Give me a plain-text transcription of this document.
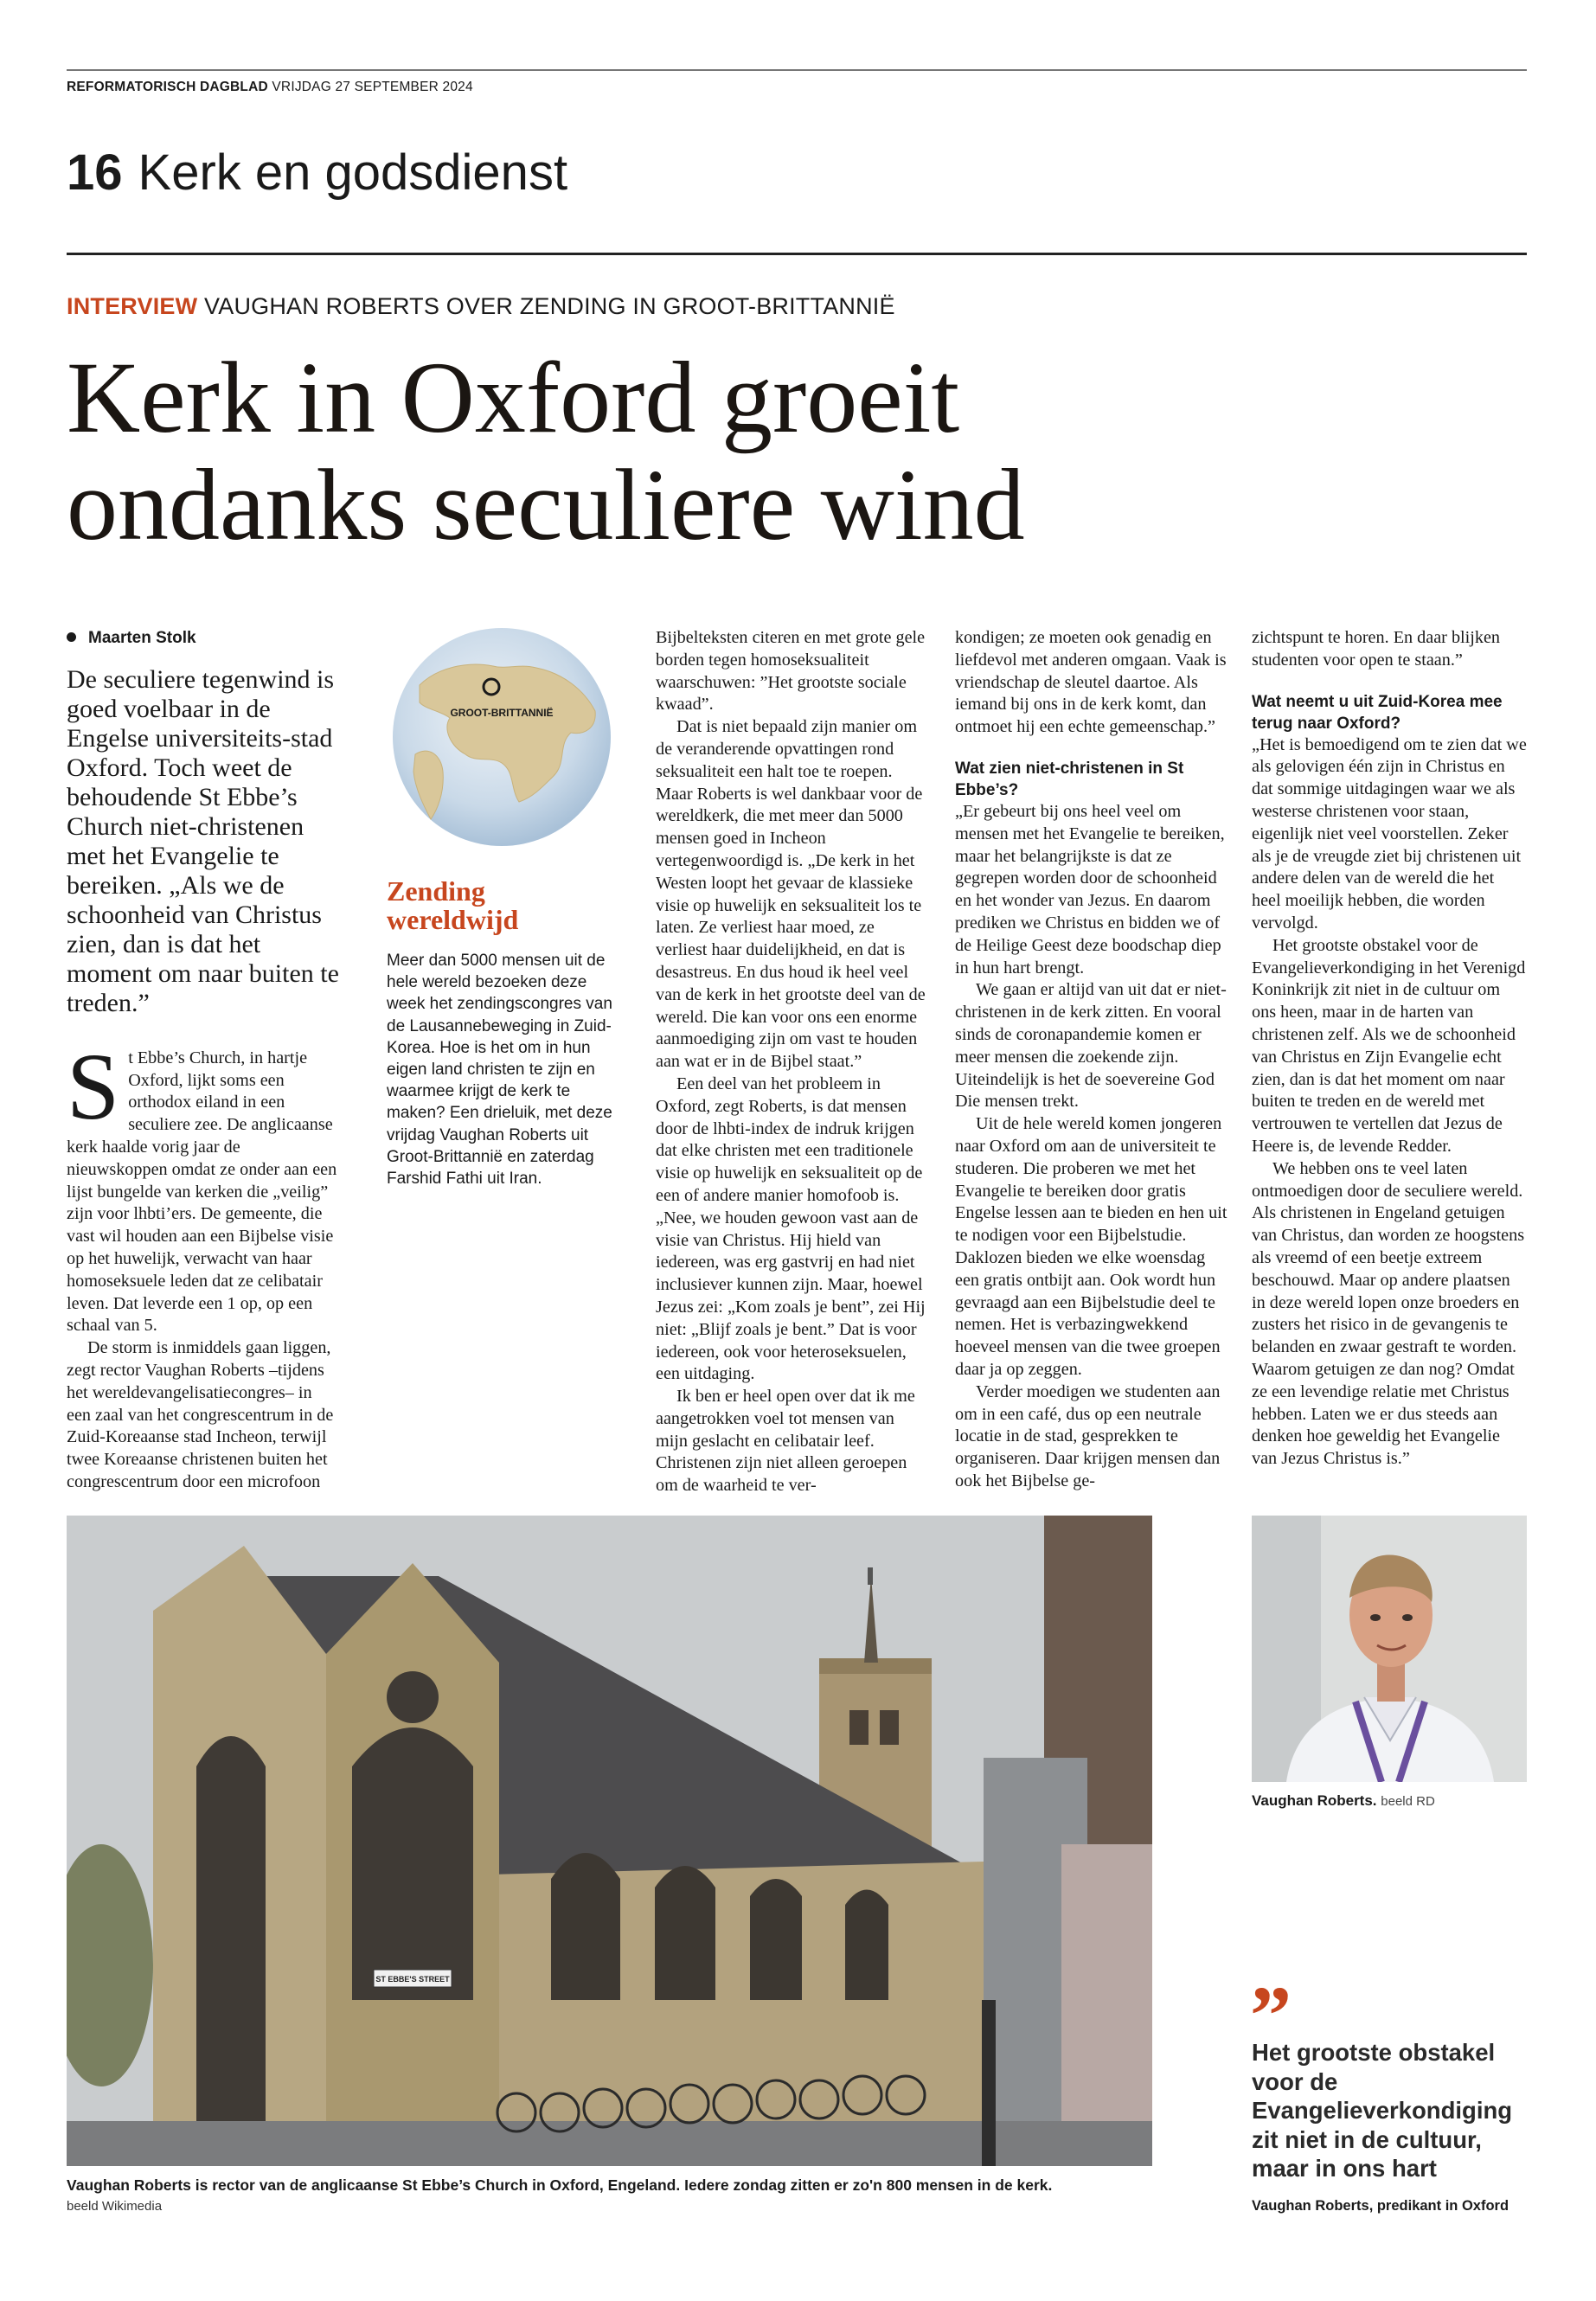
REFORMATORISCH DAGBLAD VRIJDAG 27 SEPTEMBER 2024
16 Kerk en godsdienst
INTERVIEW VAUGHAN ROBERTS OVER ZENDING IN GROOT-BRITTANNIË
Kerk in Oxford groeit
ondanks seculiere wind
Maarten Stolk

De seculiere tegenwind is goed voelbaar in de Engelse universiteits-stad Oxford. Toch weet de behoudende St Ebbe’s Church niet-christenen met het Evangelie te bereiken. „Als we de schoonheid van Christus zien, dan is dat het moment om naar buiten te treden.”

St Ebbe’s Church, in hartje Oxford, lijkt soms een orthodox eiland in een seculiere zee. De anglicaanse kerk haalde vorig jaar de nieuwskoppen omdat ze onder aan een lijst bungelde van kerken die „veilig” zijn voor lhbti’ers. De gemeente, die vast wil houden aan een Bijbelse visie op het huwelijk, verwacht van haar homoseksuele leden dat ze celibatair leven. Dat leverde een 1 op, op een schaal van 5.

De storm is inmiddels gaan liggen, zegt rector Vaughan Roberts –tijdens het wereldevangelisatiecongres– in een zaal van het congrescentrum in de Zuid-Koreaanse stad Incheon, terwijl twee Koreaanse christenen buiten het congrescentrum door een microfoon

GROOT-BRITTANNIË
Zending
wereldwijd
Meer dan 5000 mensen uit de hele wereld bezoeken deze week het zendingscongres van de Lausannebeweging in Zuid-Korea. Hoe is het om in hun eigen land christen te zijn en waarmee krijgt de kerk te maken? Een drieluik, met deze vrijdag Vaughan Roberts uit Groot-Brittannië en zaterdag Farshid Fathi uit Iran.

Bijbelteksten citeren en met grote gele borden tegen homoseksualiteit waarschuwen: ”Het grootste sociale kwaad”.

Dat is niet bepaald zijn manier om de veranderende opvattingen rond seksualiteit een halt toe te roepen. Maar Roberts is wel dankbaar voor de wereldkerk, die met meer dan 5000 mensen goed in Incheon vertegenwoordigd is. „De kerk in het Westen loopt het gevaar de klassieke visie op huwelijk en seksualiteit los te laten. Ze verliest haar moed, ze verliest haar duidelijkheid, en dat is desastreus. En dus houd ik heel veel van de kerk in het grootste deel van de wereld. Die kan voor ons een enorme aanmoediging zijn om vast te houden aan wat er in de Bijbel staat.”

Een deel van het probleem in Oxford, zegt Roberts, is dat mensen door de lhbti-index de indruk krijgen dat elke christen met een traditionele visie op huwelijk en seksualiteit op de een of andere manier homofoob is. „Nee, we houden gewoon vast aan de visie van Christus. Hij hield van iedereen, was erg gastvrij en had niet inclusiever kunnen zijn. Maar, hoewel Jezus zei: „Kom zoals je bent”, zei Hij niet: „Blijf zoals je bent.” Dat is voor iedereen, ook voor heteroseksuelen, een uitdaging.

Ik ben er heel open over dat ik me aangetrokken voel tot mensen van mijn geslacht en celibatair leef. Christenen zijn niet alleen geroepen om de waarheid te ver-

kondigen; ze moeten ook genadig en liefdevol met anderen omgaan. Vaak is vriendschap de sleutel daartoe. Als iemand bij ons in de kerk komt, dan ontmoet hij een echte gemeenschap.”

Wat zien niet-christenen in St Ebbe’s?

„Er gebeurt bij ons heel veel om mensen met het Evangelie te bereiken, maar het belangrijkste is dat ze gegrepen worden door de schoonheid en het wonder van Jezus. En daarom prediken we Christus en bidden we of de Heilige Geest deze boodschap diep in hun hart brengt.

We gaan er altijd van uit dat er niet-christenen in de kerk zitten. En vooral sinds de coronapandemie komen er meer mensen die zoekende zijn. Uiteindelijk is het de soevereine God Die mensen trekt.

Uit de hele wereld komen jongeren naar Oxford om aan de universiteit te studeren. Die proberen we met het Evangelie te bereiken door gratis Engelse lessen aan te bieden en hen uit te nodigen voor een Bijbelstudie. Daklozen bieden we elke woensdag een gratis ontbijt aan. Ook wordt hun gevraagd aan een Bijbelstudie deel te nemen. Het is verbazingwekkend hoeveel mensen van die twee groepen daar ja op zeggen.

Verder moedigen we studenten aan om in een café, dus op een neutrale locatie in de stad, gesprekken te organiseren. Daar krijgen mensen dan ook het Bijbelse ge-

zichtspunt te horen. En daar blijken studenten voor open te staan.”

Wat neemt u uit Zuid-Korea mee terug naar Oxford?

„Het is bemoedigend om te zien dat we als gelovigen één zijn in Christus en dat sommige uitdagingen waar we als westerse christenen voor staan, eigenlijk niet veel voorstellen. Zeker als je de vreugde ziet bij christenen uit andere delen van de wereld die het heel moeilijk hebben, die worden vervolgd.

Het grootste obstakel voor de Evangelieverkondiging in het Verenigd Koninkrijk zit niet in de cultuur om ons heen, maar in de harten van christenen zelf. Als we de schoonheid van Christus en Zijn Evangelie echt zien, dan is dat het moment om naar buiten te treden en de wereld met vertrouwen te vertellen dat Jezus de Heere is, de levende Redder.

We hebben ons te veel laten ontmoedigen door de seculiere wereld. Als christenen in Engeland getuigen van Christus, dan worden ze hoogstens als vreemd of een beetje extreem beschouwd. Maar op andere plaatsen in deze wereld lopen onze broeders en zusters het risico in de gevangenis te belanden en zwaar gestraft te worden. Waarom getuigen ze dan nog? Omdat ze een levendige relatie met Christus hebben. Laten we er dus steeds aan denken hoe geweldig het Evangelie van Jezus Christus is.”

ST EBBE'S STREET
Vaughan Roberts is rector van de anglicaanse St Ebbe’s Church in Oxford, Engeland. Iedere zondag zitten er zo'n 800 mensen in de kerk.
beeld Wikimedia
Vaughan Roberts. beeld RD
”
Het grootste obstakel voor de Evangelieverkondiging zit niet in de cultuur, maar in ons hart
Vaughan Roberts, predikant in Oxford
